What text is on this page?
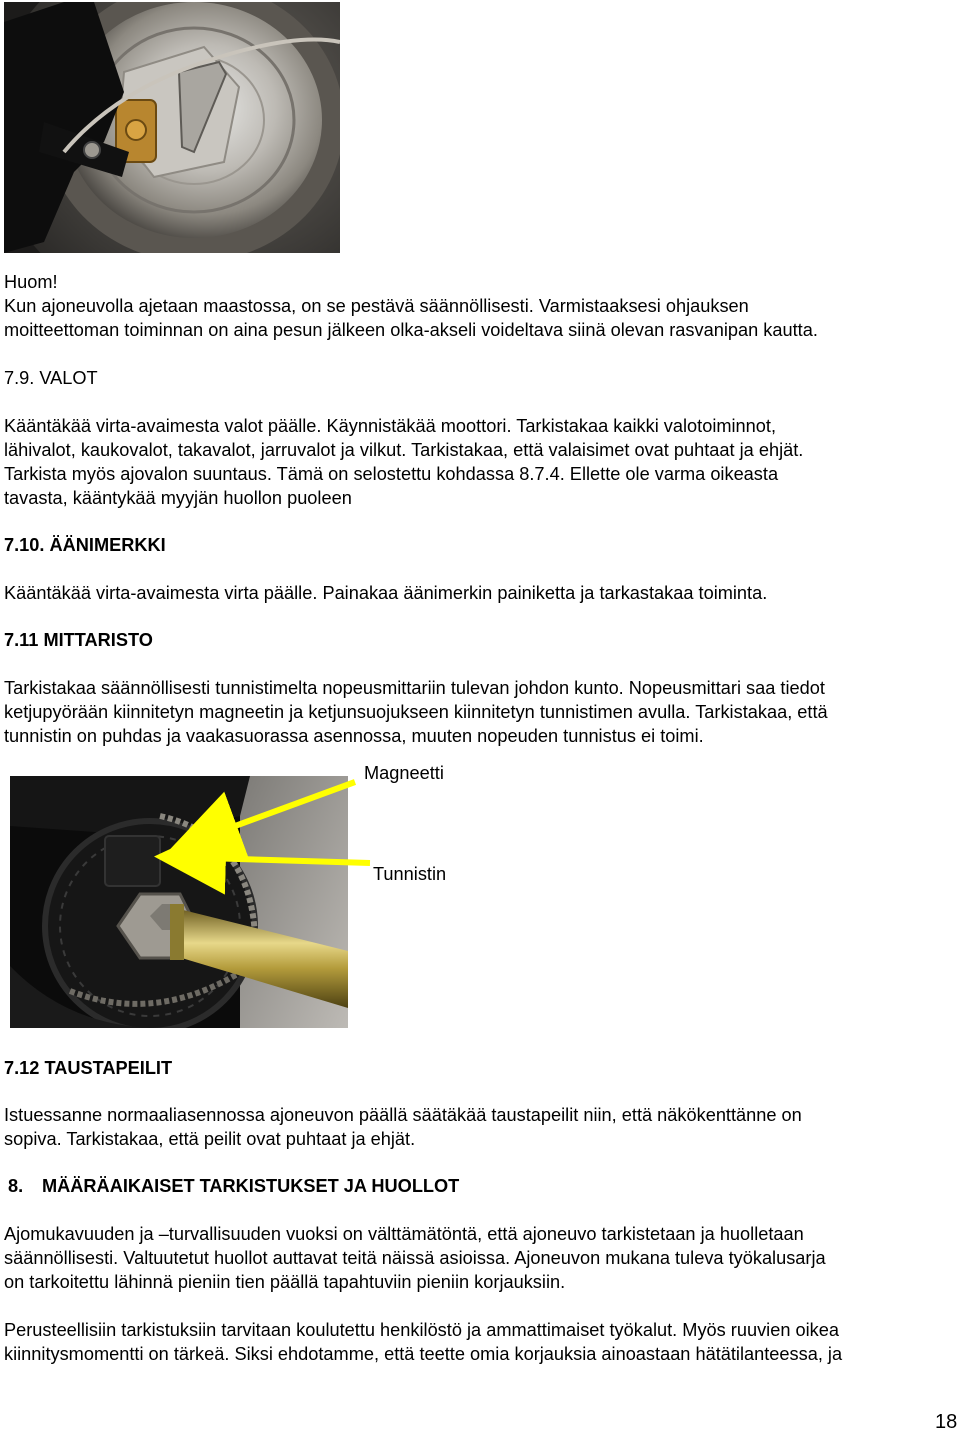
Huom!
Kun ajoneuvolla ajetaan maastossa, on se pestävä säännöllisesti. Varmistaaksesi ohjauksen
moitteettoman toiminnan on aina pesun jälkeen olka-akseli voideltava siinä olevan rasvanipan kautta.
7.9. VALOT
Kääntäkää virta-avaimesta valot päälle. Käynnistäkää moottori. Tarkistakaa kaikki valotoiminnot,
lähivalot, kaukovalot, takavalot, jarruvalot ja vilkut. Tarkistakaa, että valaisimet ovat puhtaat ja ehjät.
Tarkista myös ajovalon suuntaus. Tämä on selostettu kohdassa 8.7.4. Ellette ole varma oikeasta
tavasta, kääntykää myyjän huollon puoleen
7.10. ÄÄNIMERKKI
Kääntäkää virta-avaimesta virta päälle. Painakaa äänimerkin painiketta ja tarkastakaa toiminta.
7.11 MITTARISTO
Tarkistakaa säännöllisesti tunnistimelta nopeusmittariin tulevan johdon kunto. Nopeusmittari saa tiedot
ketjupyörään kiinnitetyn magneetin ja ketjunsuojukseen kiinnitetyn tunnistimen avulla. Tarkistakaa, että
tunnistin on puhdas ja vaakasuorassa asennossa, muuten nopeuden tunnistus ei toimi.
Magneetti
Tunnistin
7.12 TAUSTAPEILIT
Istuessanne normaaliasennossa ajoneuvon päällä säätäkää taustapeilit niin, että näkökenttänne on
sopiva. Tarkistakaa, että peilit ovat puhtaat ja ehjät.
8. MÄÄRÄAIKAISET TARKISTUKSET JA HUOLLOT
Ajomukavuuden ja –turvallisuuden vuoksi on välttämätöntä, että ajoneuvo tarkistetaan ja huolletaan
säännöllisesti. Valtuutetut huollot auttavat teitä näissä asioissa. Ajoneuvon mukana tuleva työkalusarja
on tarkoitettu lähinnä pieniin tien päällä tapahtuviin pieniin korjauksiin.
Perusteellisiin tarkistuksiin tarvitaan koulutettu henkilöstö ja ammattimaiset työkalut. Myös ruuvien oikea
kiinnitysmomentti on tärkeä. Siksi ehdotamme, että teette omia korjauksia ainoastaan hätätilanteessa, ja
18
